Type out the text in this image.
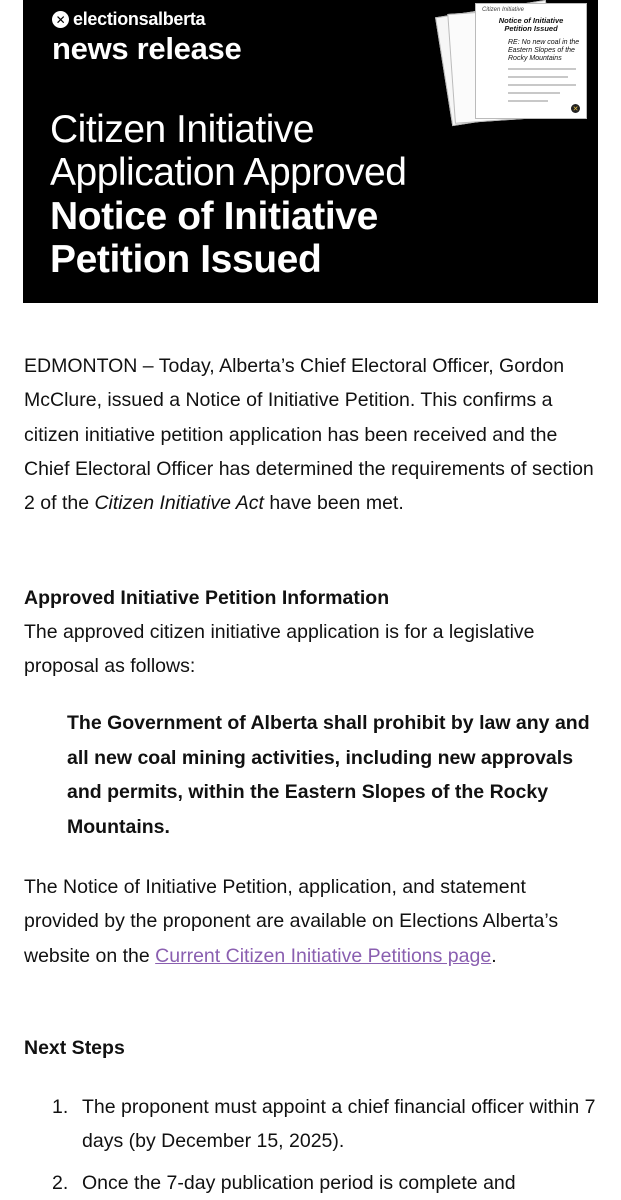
✕ electionsalberta
news release
Citizen Initiative
Application Approved
Notice of Initiative
Petition Issued
Citizen Initiative
Notice of Initiative
Petition Issued
RE: No new coal in the
Eastern Slopes of the
Rocky Mountains
✕

EDMONTON – Today, Alberta’s Chief Electoral Officer, Gordon McClure, issued a Notice of Initiative Petition. This confirms a citizen initiative petition application has been received and the Chief Electoral Officer has determined the requirements of section 2 of the Citizen Initiative Act have been met.

Approved Initiative Petition Information

The approved citizen initiative application is for a legislative proposal as follows:

The Government of Alberta shall prohibit by law any and all new coal mining activities, including new approvals and permits, within the Eastern Slopes of the Rocky Mountains.

The Notice of Initiative Petition, application, and statement provided by the proponent are available on Elections Alberta’s website on the Current Citizen Initiative Petitions page.

Next Steps
1. The proponent must appoint a chief financial officer within 7 days (by December 15, 2025).
2. Once the 7-day publication period is complete and
